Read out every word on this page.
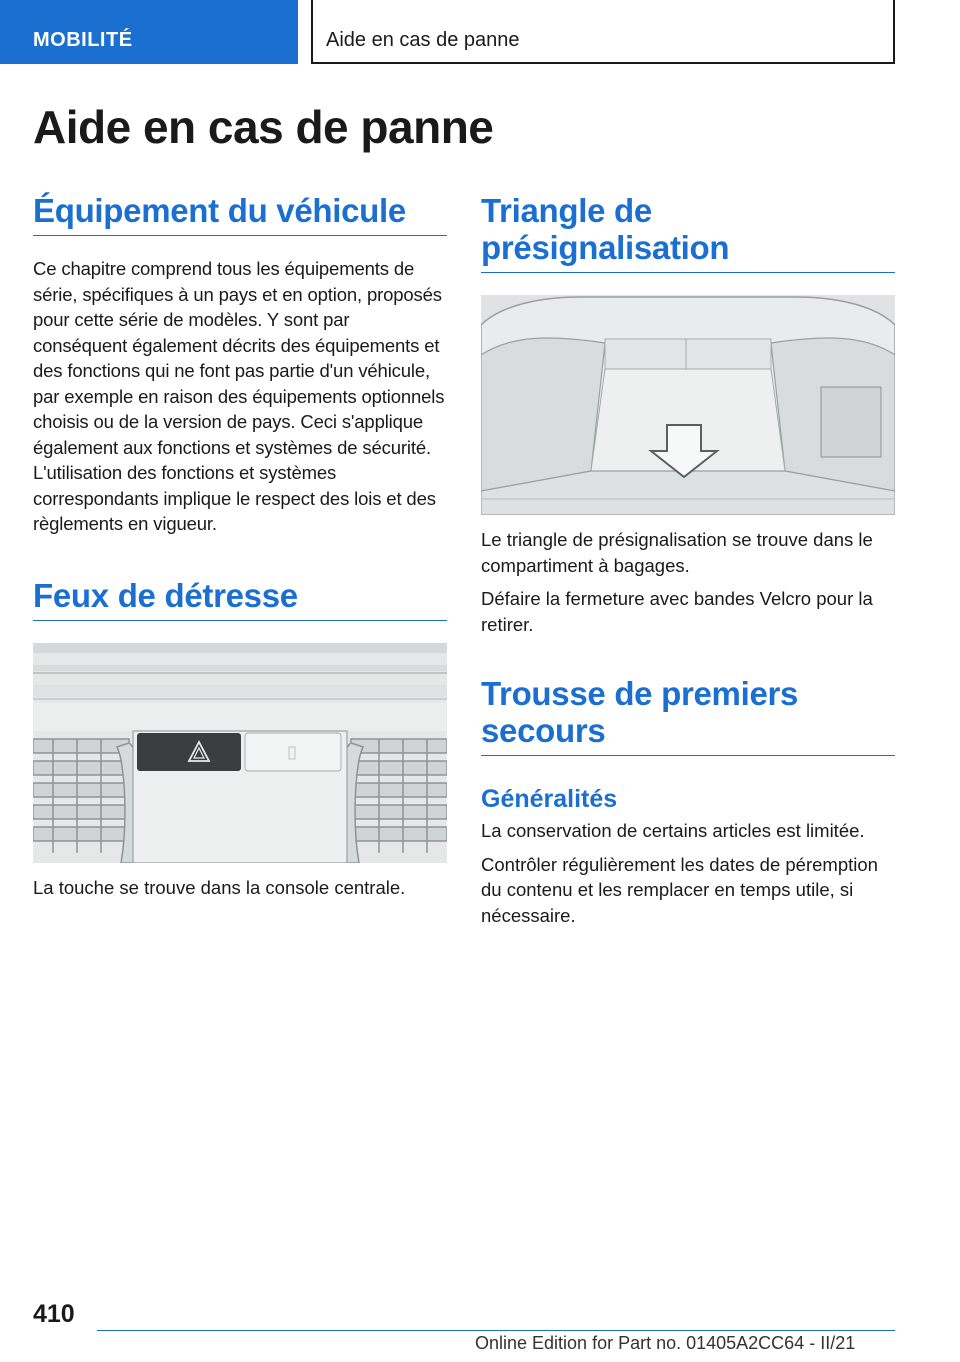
MOBILITÉ	Aide en cas de panne
Aide en cas de panne
Équipement du véhicule

Ce chapitre comprend tous les équipements de série, spécifiques à un pays et en option, proposés pour cette série de modèles. Y sont par conséquent également décrits des équipements et des fonctions qui ne font pas partie d'un véhicule, par exemple en raison des équipements optionnels choisis ou de la version de pays. Ceci s'applique également aux fonctions et systèmes de sécurité. L'utilisation des fonctions et systèmes correspondants implique le respect des lois et des règlements en vigueur.

Feux de détresse

La touche se trouve dans la console centrale.

Triangle de présignalisation

Le triangle de présignalisation se trouve dans le compartiment à bagages.

Défaire la fermeture avec bandes Velcro pour la retirer.

Trousse de premiers secours
Généralités

La conservation de certains articles est limitée.

Contrôler régulièrement les dates de péremption du contenu et les remplacer en temps utile, si nécessaire.

410
Online Edition for Part no. 01405A2CC64 - II/21
